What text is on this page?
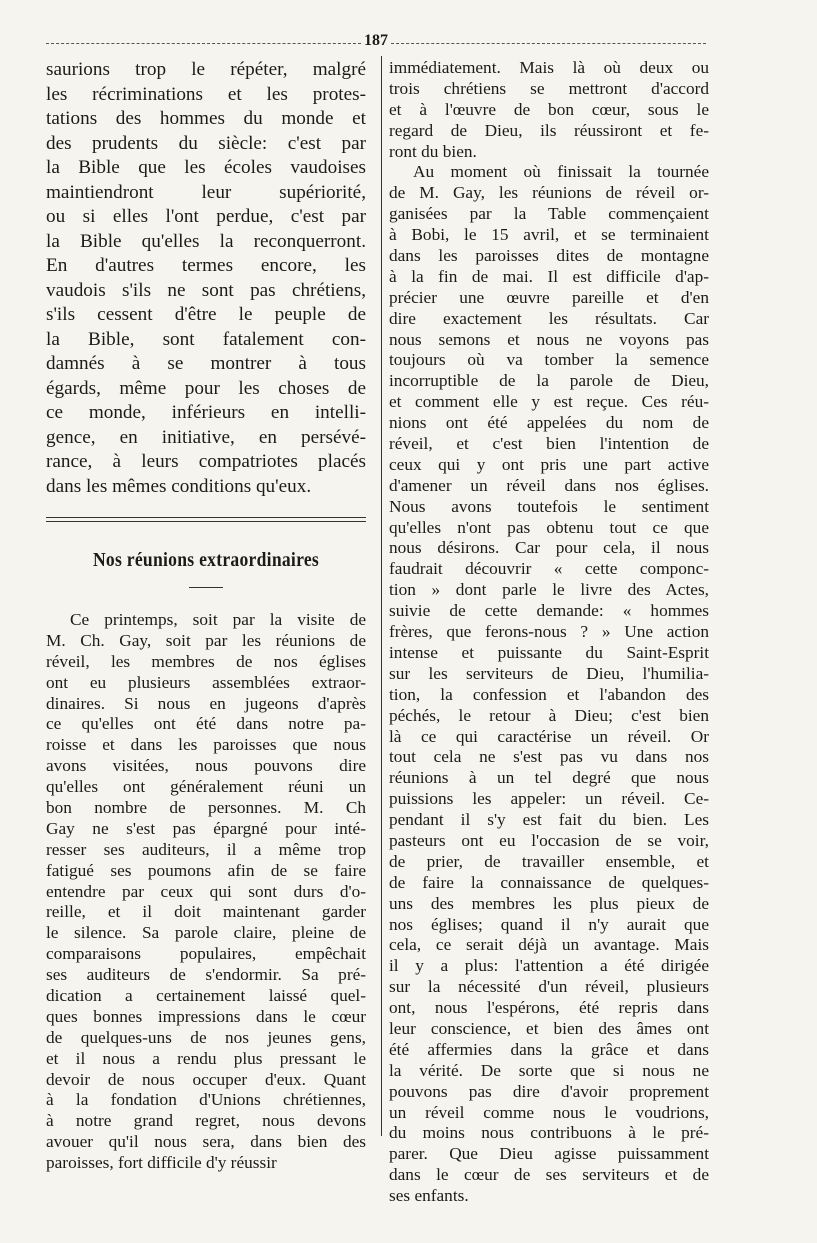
187
saurions trop le répéter, malgré
les récriminations et les protes-
tations des hommes du monde et
des prudents du siècle: c'est par
la Bible que les écoles vaudoises
maintiendront leur supériorité,
ou si elles l'ont perdue, c'est par
la Bible qu'elles la reconquerront.
En d'autres termes encore, les
vaudois s'ils ne sont pas chrétiens,
s'ils cessent d'être le peuple de
la Bible, sont fatalement con-
damnés à se montrer à tous
égards, même pour les choses de
ce monde, inférieurs en intelli-
gence, en initiative, en persévé-
rance, à leurs compatriotes placés
dans les mêmes conditions qu'eux.
Nos réunions extraordinaires
Ce printemps, soit par la visite de
M. Ch. Gay, soit par les réunions de
réveil, les membres de nos églises
ont eu plusieurs assemblées extraor-
dinaires. Si nous en jugeons d'après
ce qu'elles ont été dans notre pa-
roisse et dans les paroisses que nous
avons visitées, nous pouvons dire
qu'elles ont généralement réuni un
bon nombre de personnes. M. Ch
Gay ne s'est pas épargné pour inté-
resser ses auditeurs, il a même trop
fatigué ses poumons afin de se faire
entendre par ceux qui sont durs d'o-
reille, et il doit maintenant garder
le silence. Sa parole claire, pleine de
comparaisons populaires, empêchait
ses auditeurs de s'endormir. Sa pré-
dication a certainement laissé quel-
ques bonnes impressions dans le cœur
de quelques-uns de nos jeunes gens,
et il nous a rendu plus pressant le
devoir de nous occuper d'eux. Quant
à la fondation d'Unions chrétiennes,
à notre grand regret, nous devons
avouer qu'il nous sera, dans bien des
paroisses, fort difficile d'y réussir
immédiatement. Mais là où deux ou
trois chrétiens se mettront d'accord
et à l'œuvre de bon cœur, sous le
regard de Dieu, ils réussiront et fe-
ront du bien.
Au moment où finissait la tournée
de M. Gay, les réunions de réveil or-
ganisées par la Table commençaient
à Bobi, le 15 avril, et se terminaient
dans les paroisses dites de montagne
à la fin de mai. Il est difficile d'ap-
précier une œuvre pareille et d'en
dire exactement les résultats. Car
nous semons et nous ne voyons pas
toujours où va tomber la semence
incorruptible de la parole de Dieu,
et comment elle y est reçue. Ces réu-
nions ont été appelées du nom de
réveil, et c'est bien l'intention de
ceux qui y ont pris une part active
d'amener un réveil dans nos églises.
Nous avons toutefois le sentiment
qu'elles n'ont pas obtenu tout ce que
nous désirons. Car pour cela, il nous
faudrait découvrir « cette componc-
tion » dont parle le livre des Actes,
suivie de cette demande: « hommes
frères, que ferons-nous ? » Une action
intense et puissante du Saint-Esprit
sur les serviteurs de Dieu, l'humilia-
tion, la confession et l'abandon des
péchés, le retour à Dieu; c'est bien
là ce qui caractérise un réveil. Or
tout cela ne s'est pas vu dans nos
réunions à un tel degré que nous
puissions les appeler: un réveil. Ce-
pendant il s'y est fait du bien. Les
pasteurs ont eu l'occasion de se voir,
de prier, de travailler ensemble, et
de faire la connaissance de quelques-
uns des membres les plus pieux de
nos églises; quand il n'y aurait que
cela, ce serait déjà un avantage. Mais
il y a plus: l'attention a été dirigée
sur la nécessité d'un réveil, plusieurs
ont, nous l'espérons, été repris dans
leur conscience, et bien des âmes ont
été affermies dans la grâce et dans
la vérité. De sorte que si nous ne
pouvons pas dire d'avoir proprement
un réveil comme nous le voudrions,
du moins nous contribuons à le pré-
parer. Que Dieu agisse puissamment
dans le cœur de ses serviteurs et de
ses enfants.
